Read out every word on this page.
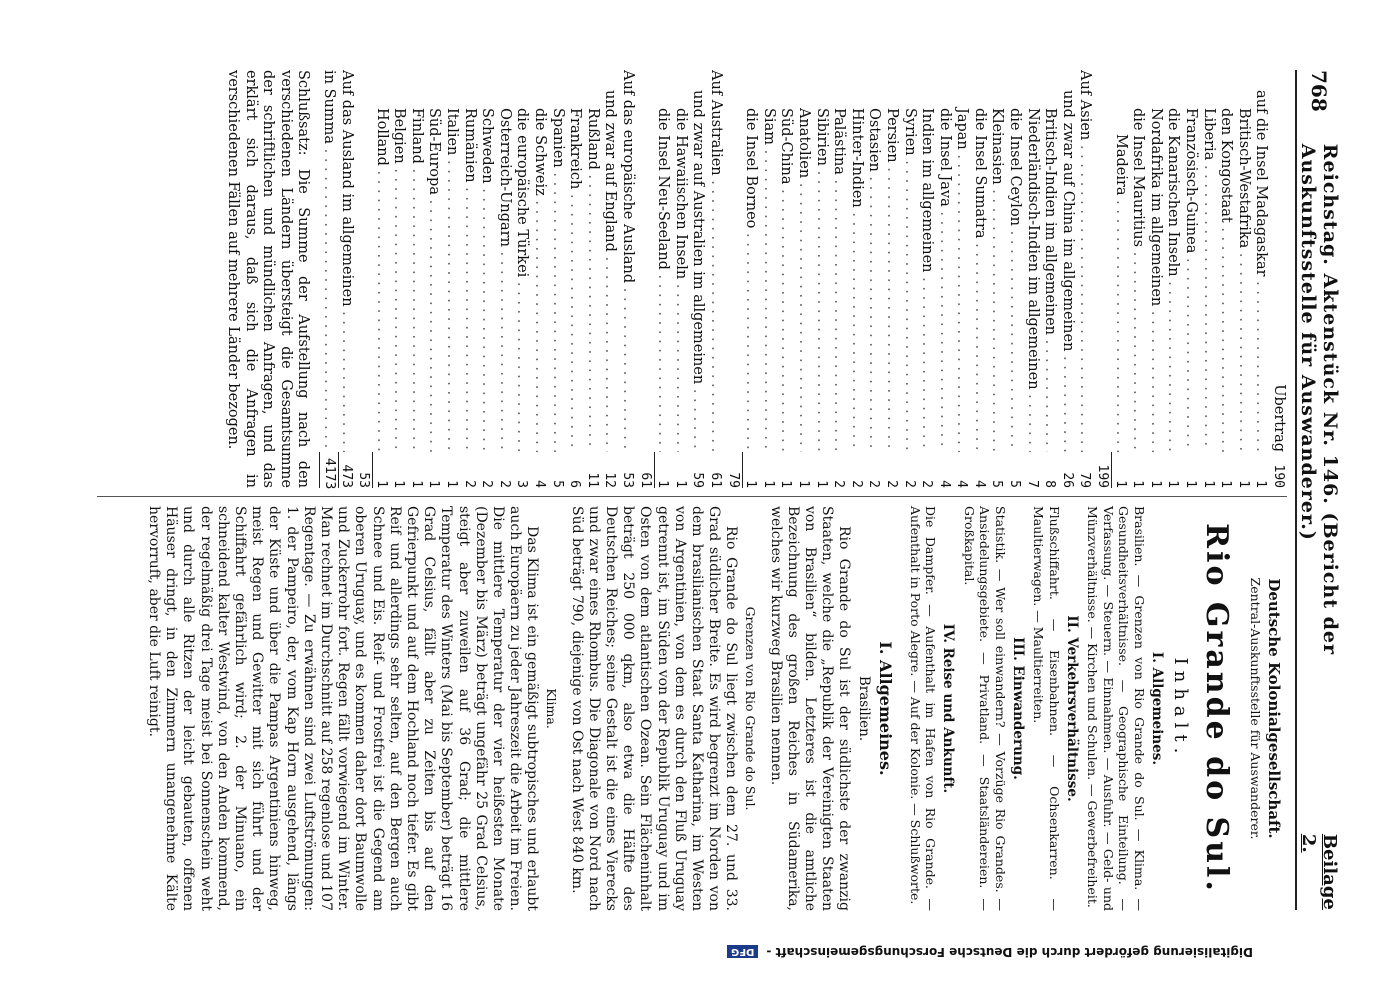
768
Reichstag. Aktenstück Nr. 146. (Bericht der Auskunftsstelle für Auswanderer.)
Beilage 2.
Übertrag
190
auf die Insel Madagaskar . . .
1
Britisch-Westafrika . . .
1
den Kongostaat . . .
1
Liberia . . .
1
Französisch-Guinea . . .
1
die Kanarischen Inseln . . .
1
Nordafrika im allgemeinen . . .
1
die Insel Mauritius . . .
1
Madeira . . .
1
199
Auf Asien . . .
79
und zwar auf China im allgemeinen . . .
26
Britisch-Indien im allgemeinen . . .
8
Niederländisch-Indien im allgemeinen . . .
7
die Insel Ceylon . . .
5
Kleinasien . . .
5
die Insel Sumatra . . .
4
Japan . . .
4
die Insel Java . . .
4
Indien im allgemeinen . . .
2
Syrien . . .
2
Persien . . .
2
Ostasien . . .
2
Hinter-Indien . . .
2
Palästina . . .
2
Sibirien . . .
1
Anatolien . . .
1
Süd-China . . .
1
Siam . . .
1
die Insel Borneo . . .
1
79
Auf Australien . . .
61
und zwar auf Australien im allgemeinen . . .
59
die Hawaiischen Inseln . . .
1
die Insel Neu-Seeland . . .
1
61
Auf das europäische Ausland . . .
53
und zwar auf England . . .
12
Rußland . . .
11
Frankreich . . .
6
Spanien . . .
5
die Schweiz . . .
4
die europäische Türkei . . .
3
Österreich-Ungarn . . .
2
Schweden . . .
2
Rumänien . . .
2
Italien . . .
1
Süd-Europa . . .
1
Finland . . .
1
Belgien . . .
1
Holland . . .
1
53
Auf das Ausland im allgemeinen . . .
473
in Summa . . .
4173
Schlußsatz: Die Summe der Aufstellung nach den verschiedenen Ländern übersteigt die Gesamtsumme der schriftlichen und mündlichen Anfragen, und das erklärt sich daraus, daß sich die Anfragen in verschiedenen Fällen auf mehrere Länder bezogen.
Deutsche Kolonialgesellschaft.
Zentral-Auskunftsstelle für Auswanderer.
Rio Grande do Sul.
Inhalt.
I. Allgemeines.
Brasilien. — Grenzen von Rio Grande do Sul. — Klima. — Gesundheitsverhältnisse. — Geographische Einteilung. — Verfassung. — Steuern. — Einnahmen. — Ausfuhr. — Geld- und Münzverhältnisse. — Kirchen und Schulen. — Gewerbefreiheit.
II. Verkehrsverhältnisse.
Flußschiffahrt. — Eisenbahnen. — Ochsenkarren. — Maultierwagen. — Maultierreiten.
III. Einwanderung.
Statistik. — Wer soll einwandern? — Vorzüge Rio Grandes. — Ansiedelungsgebiete. — Privatland. — Staatsländereien. — Großkapital.
IV. Reise und Ankunft.
Die Dampfer. — Aufenthalt im Hafen von Rio Grande. — Aufenthalt in Porto Alegre. — Auf der Kolonie. — Schlußworte.
I. Allgemeines.
Brasilien.
Rio Grande do Sul ist der südlichste der zwanzig Staaten, welche die „Republik der Vereinigten Staaten von Brasilien“ bilden. Letzteres ist die amtliche Bezeichnung des großen Reiches in Südamerika, welches wir kurzweg Brasilien nennen.
Grenzen von Rio Grande do Sul.
Rio Grande do Sul liegt zwischen dem 27. und 33. Grad südlicher Breite. Es wird begrenzt im Norden von dem brasilianischen Staat Santa Katharina, im Westen von Argentinien, von dem es durch den Fluß Uruguay getrennt ist, im Süden von der Republik Uruguay und im Osten von dem atlantischen Ozean. Sein Flächeninhalt beträgt 250 000 qkm, also etwa die Hälfte des Deutschen Reiches; seine Gestalt ist die eines Vierecks und zwar eines Rhombus. Die Diagonale von Nord nach Süd beträgt 790, diejenige von Ost nach West 840 km.
Klima.
Das Klima ist ein gemäßigt subtropisches und erlaubt auch Europäern zu jeder Jahreszeit die Arbeit im Freien. Die mittlere Temperatur der vier heißesten Monate (Dezember bis März) beträgt ungefähr 25 Grad Celsius, steigt aber zuweilen auf 36 Grad; die mittlere Temperatur des Winters (Mai bis September) beträgt 16 Grad Celsius, fällt aber zu Zeiten bis auf den Gefrierpunkt und auf dem Hochland noch tiefer. Es gibt Reif und allerdings sehr selten, auf den Bergen auch Schnee und Eis. Reif- und Frostfrei ist die Gegend am oberen Uruguay, und es kommen daher dort Baumwolle und Zuckerrohr fort. Regen fällt vorwiegend im Winter. Man rechnet im Durchschnitt auf 258 regenlose und 107 Regentage. — Zu erwähnen sind zwei Luftströmungen: 1. der Pampeiro, der, vom Kap Horn ausgehend, längs der Küste und über die Pampas Argentiniens hinweg, meist Regen und Gewitter mit sich führt und der Schiffahrt gefährlich wird; 2. der Minuano, ein schneidend kalter Westwind, von den Anden kommend, der regelmäßig drei Tage meist bei Sonnenschein weht und durch alle Ritzen der leicht gebauten, offenen Häuser dringt, in den Zimmern unangenehme Kälte hervorruft, aber die Luft reinigt.
Digitalisierung gefördert durch die Deutsche Forschungsgemeinschaft -
DFG
